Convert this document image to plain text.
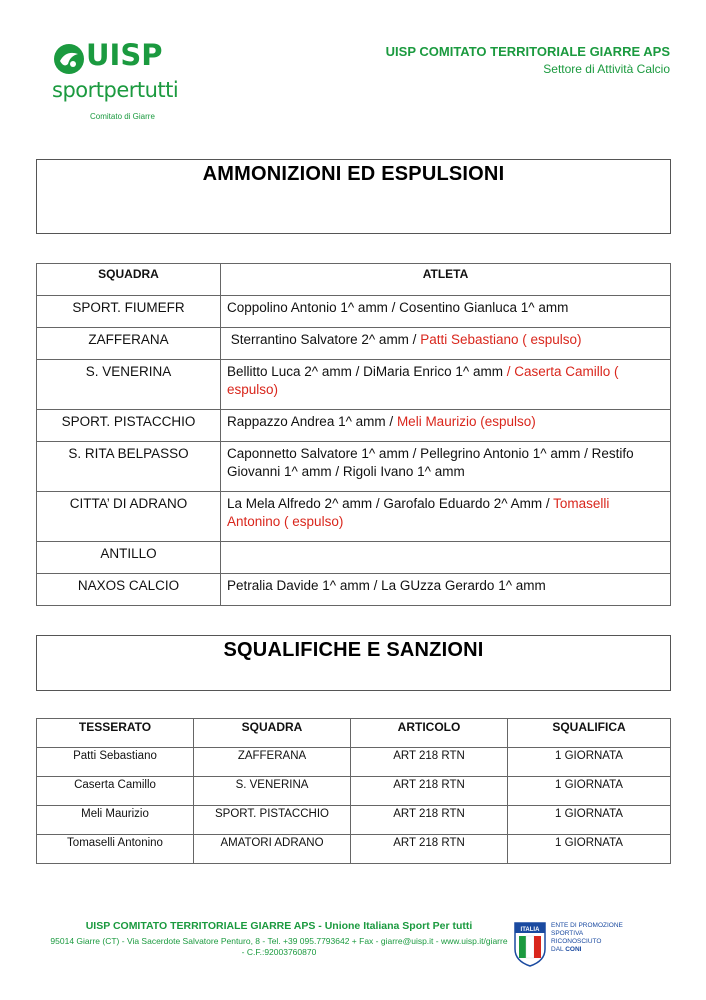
UISP
sportpertutti
Comitato di Giarre
UISP COMITATO TERRITORIALE GIARRE APS
Settore di Attività Calcio
AMMONIZIONI ED ESPULSIONI
SQUADRA	ATLETA
SPORT. FIUMEFR	Coppolino Antonio 1^ amm / Cosentino Gianluca 1^ amm
ZAFFERANA	Sterrantino Salvatore 2^ amm / Patti Sebastiano ( espulso)
S. VENERINA	Bellitto Luca 2^ amm / DiMaria Enrico 1^ amm / Caserta Camillo ( espulso)
SPORT. PISTACCHIO	Rappazzo Andrea 1^ amm / Meli Maurizio (espulso)
S. RITA BELPASSO	Caponnetto Salvatore 1^ amm / Pellegrino Antonio 1^ amm / Restifo Giovanni 1^ amm / Rigoli Ivano 1^ amm
CITTA’ DI ADRANO	La Mela Alfredo 2^ amm / Garofalo Eduardo 2^ Amm / Tomaselli Antonino ( espulso)
ANTILLO	
NAXOS CALCIO	Petralia Davide 1^ amm / La GUzza Gerardo 1^ amm
SQUALIFICHE E SANZIONI
TESSERATO	SQUADRA	ARTICOLO	SQUALIFICA
Patti Sebastiano	ZAFFERANA	ART 218 RTN	1 GIORNATA
Caserta Camillo	S. VENERINA	ART 218 RTN	1 GIORNATA
Meli Maurizio	SPORT. PISTACCHIO	ART 218 RTN	1 GIORNATA
Tomaselli Antonino	AMATORI ADRANO	ART 218 RTN	1 GIORNATA
UISP COMITATO TERRITORIALE GIARRE APS - Unione Italiana Sport Per tutti
95014 Giarre (CT) - Via Sacerdote Salvatore Penturo, 8 - Tel. +39 095.7793642 + Fax - giarre@uisp.it - www.uisp.it/giarre - C.F.:92003760870
ITALIA
ENTE DI PROMOZIONE
SPORTIVA
RICONOSCIUTO
DAL CONI
